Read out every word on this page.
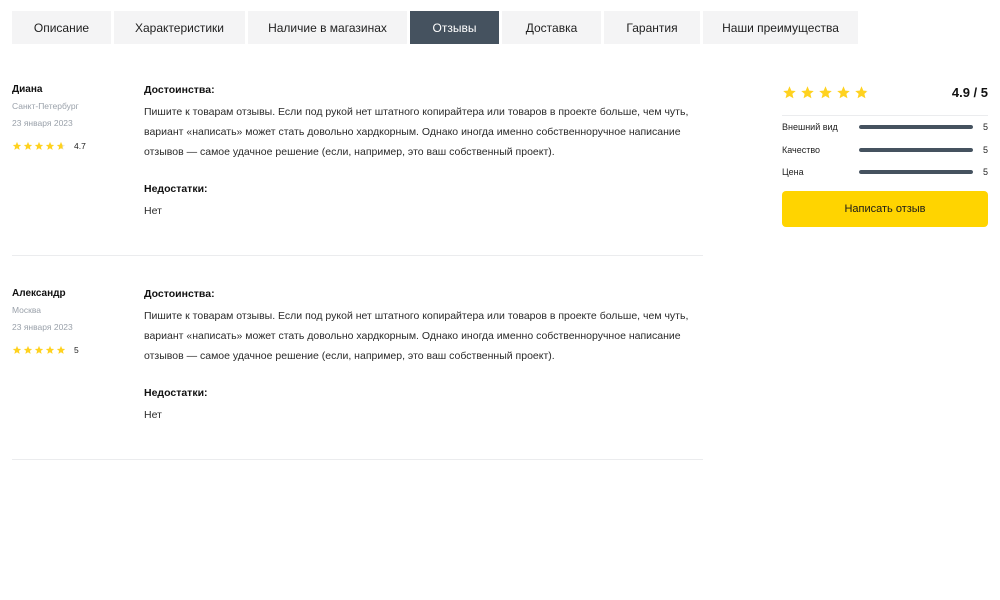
Описание	Характеристики	Наличие в магазинах	Отзывы	Доставка	Гарантия	Наши преимущества
Диана
Санкт-Петербург
23 января 2023
4.7
Достоинства:
Пишите к товарам отзывы. Если под рукой нет штатного копирайтера или товаров в проекте больше, чем чуть, вариант «написать» может стать довольно хардкорным. Однако иногда именно собственноручное написание отзывов — самое удачное решение (если, например, это ваш собственный проект).
Недостатки:
Нет
Александр
Москва
23 января 2023
5
Достоинства:
Пишите к товарам отзывы. Если под рукой нет штатного копирайтера или товаров в проекте больше, чем чуть, вариант «написать» может стать довольно хардкорным. Однако иногда именно собственноручное написание отзывов — самое удачное решение (если, например, это ваш собственный проект).
Недостатки:
Нет
4.9 / 5
Внешний вид	5
Качество	5
Цена	5
Написать отзыв
